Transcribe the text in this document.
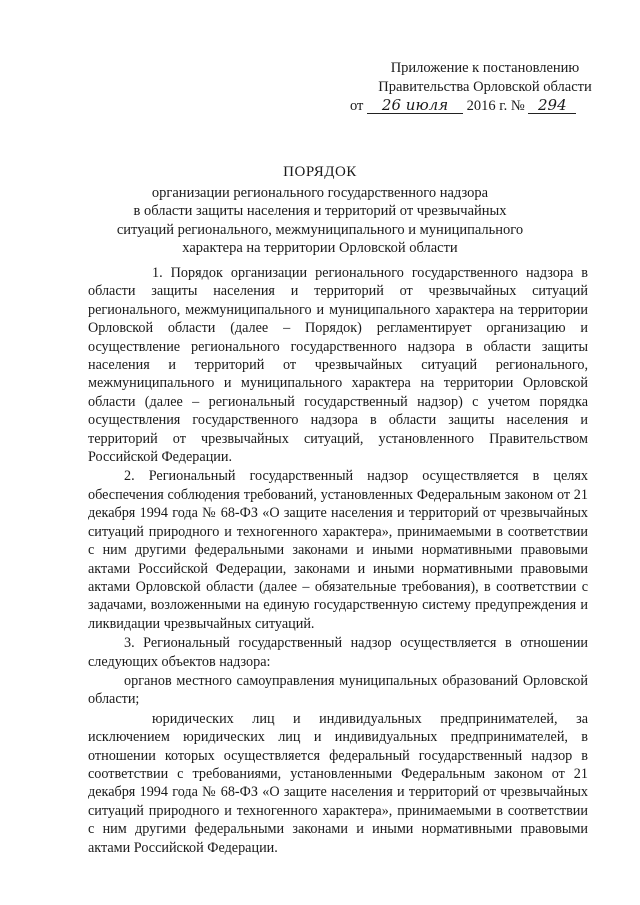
Приложение к постановлению
Правительства Орловской области
от 26 июля 2016 г. № 294
ПОРЯДОК
организации регионального государственного надзора
в области защиты населения и территорий от чрезвычайных
ситуаций регионального, межмуниципального и муниципального
характера на территории Орловской области

1. Порядок организации регионального государственного надзора в области защиты населения и территорий от чрезвычайных ситуаций регионального, межмуниципального и муниципального характера на территории Орловской области (далее – Порядок) регламентирует организацию и осуществление регионального государственного надзора в области защиты населения и территорий от чрезвычайных ситуаций регионального, межмуниципального и муниципального характера на территории Орловской области (далее – региональный государственный надзор) с учетом порядка осуществления государственного надзора в области защиты населения и территорий от чрезвычайных ситуаций, установленного Правительством Российской Федерации.

2. Региональный государственный надзор осуществляется в целях обеспечения соблюдения требований, установленных Федеральным законом от 21 декабря 1994 года № 68-ФЗ «О защите населения и территорий от чрезвычайных ситуаций природного и техногенного характера», принимаемыми в соответствии с ним другими федеральными законами и иными нормативными правовыми актами Российской Федерации, законами и иными нормативными правовыми актами Орловской области (далее – обязательные требования), в соответствии с задачами, возложенными на единую государственную систему предупреждения и ликвидации чрезвычайных ситуаций.

3. Региональный государственный надзор осуществляется в отношении следующих объектов надзора:

органов местного самоуправления муниципальных образований Орловской области;

юридических лиц и индивидуальных предпринимателей, за исключением юридических лиц и индивидуальных предпринимателей, в отношении которых осуществляется федеральный государственный надзор в соответствии с требованиями, установленными Федеральным законом от 21 декабря 1994 года № 68-ФЗ «О защите населения и территорий от чрезвычайных ситуаций природного и техногенного характера», принимаемыми в соответствии с ним другими федеральными законами и иными нормативными правовыми актами Российской Федерации.
